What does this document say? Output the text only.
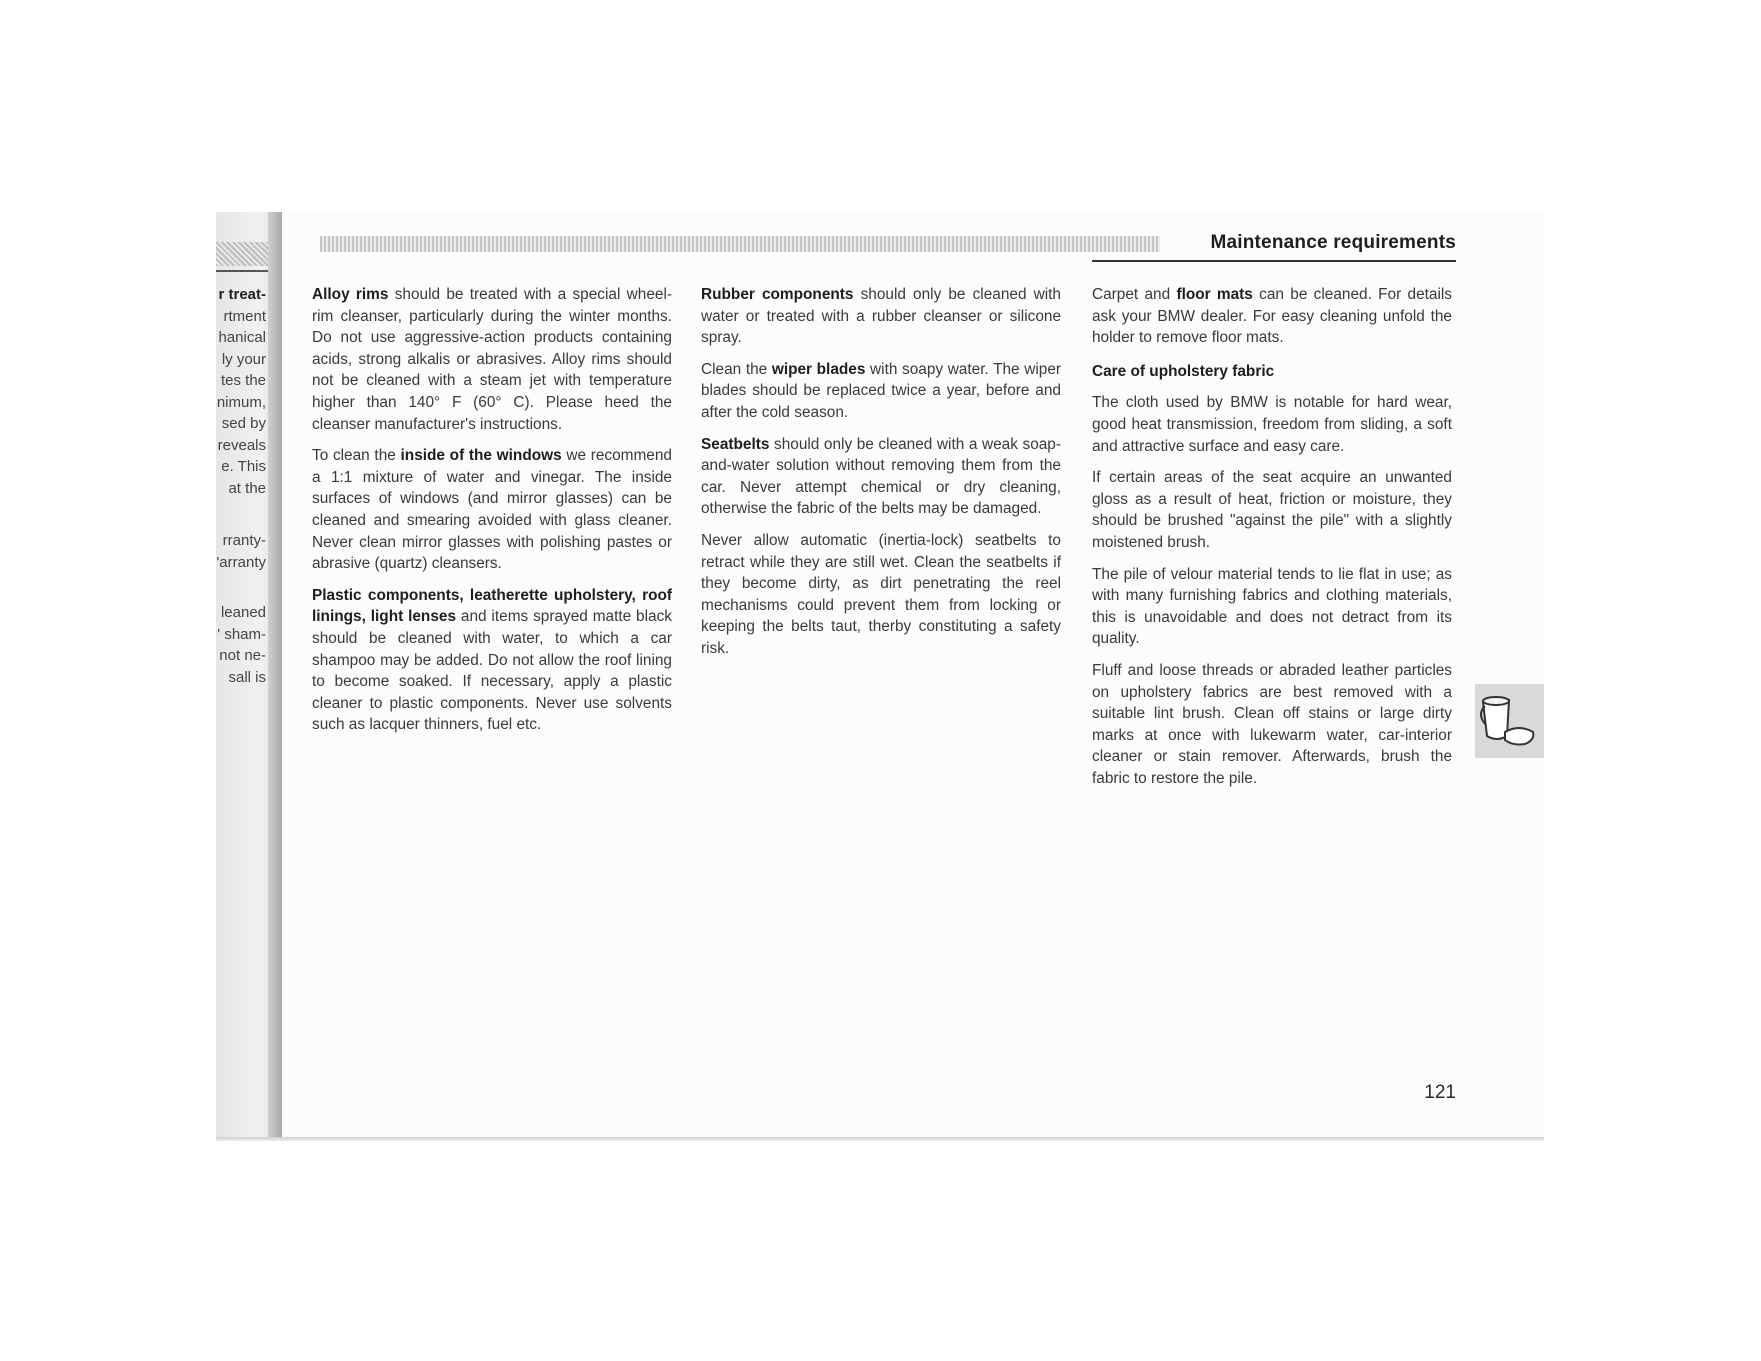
r treat-
rtment
hanical
ly your
tes the
nimum,
sed by
reveals
e. This
at the
rranty-
'arranty
leaned
' sham-
not ne-
sall is
Maintenance requirements

Alloy rims should be treated with a special wheel-rim cleanser, particularly during the winter months. Do not use aggressive-action products containing acids, strong alkalis or abrasives. Alloy rims should not be cleaned with a steam jet with temperature higher than 140° F (60° C). Please heed the cleanser manufacturer's instructions.

To clean the inside of the windows we recommend a 1:1 mixture of water and vinegar. The inside surfaces of windows (and mirror glasses) can be cleaned and smearing avoided with glass cleaner. Never clean mirror glasses with polishing pastes or abrasive (quartz) cleansers.

Plastic components, leatherette upholstery, roof linings, light lenses and items sprayed matte black should be cleaned with water, to which a car shampoo may be added. Do not allow the roof lining to become soaked. If necessary, apply a plastic cleaner to plastic components. Never use solvents such as lacquer thinners, fuel etc.

Rubber components should only be cleaned with water or treated with a rubber cleanser or silicone spray.

Clean the wiper blades with soapy water. The wiper blades should be replaced twice a year, before and after the cold season.

Seatbelts should only be cleaned with a weak soap-and-water solution without removing them from the car. Never attempt chemical or dry cleaning, otherwise the fabric of the belts may be damaged.

Never allow automatic (inertia-lock) seatbelts to retract while they are still wet. Clean the seatbelts if they become dirty, as dirt penetrating the reel mechanisms could prevent them from locking or keeping the belts taut, therby constituting a safety risk.

Carpet and floor mats can be cleaned. For details ask your BMW dealer. For easy cleaning unfold the holder to remove floor mats.

Care of upholstery fabric

The cloth used by BMW is notable for hard wear, good heat transmission, freedom from sliding, a soft and attractive surface and easy care.

If certain areas of the seat acquire an unwanted gloss as a result of heat, friction or moisture, they should be brushed "against the pile" with a slightly moistened brush.

The pile of velour material tends to lie flat in use; as with many furnishing fabrics and clothing materials, this is unavoidable and does not detract from its quality.

Fluff and loose threads or abraded leather particles on upholstery fabrics are best removed with a suitable lint brush. Clean off stains or large dirty marks at once with lukewarm water, car-interior cleaner or stain remover. Afterwards, brush the fabric to restore the pile.

121
